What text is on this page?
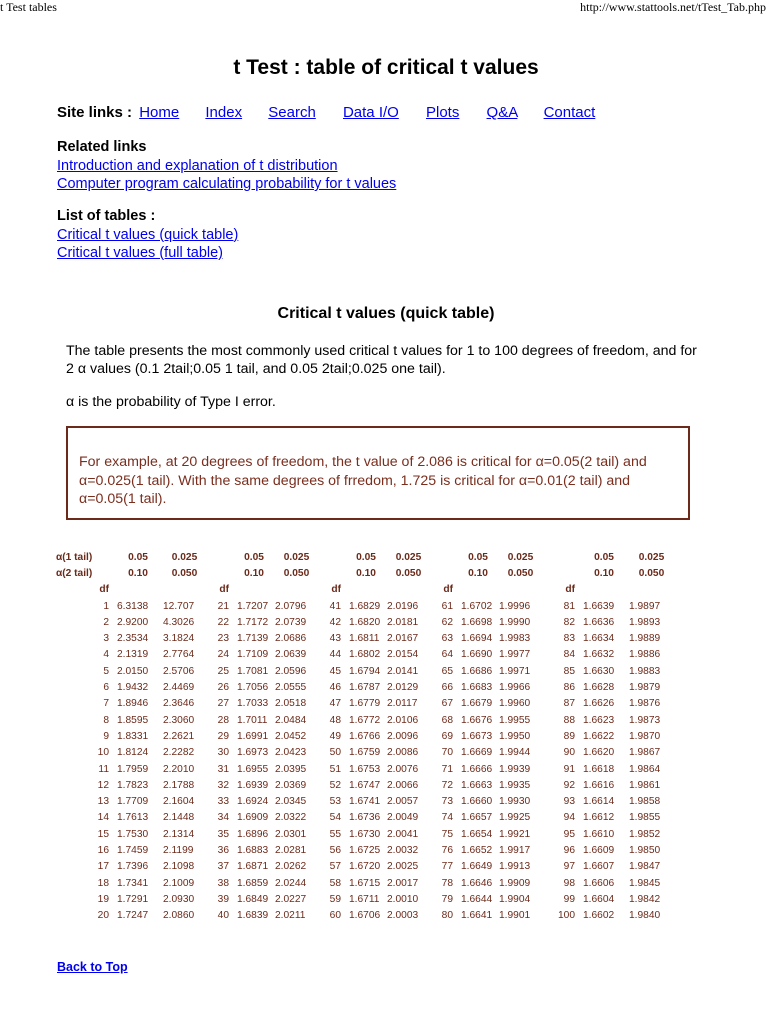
t Test tables	http://www.stattools.net/tTest_Tab.php
t Test : table of critical t values
Site links : Home Index Search Data I/O Plots Q&A Contact
Related links
Introduction and explanation of t distribution
Computer program calculating probability for t values
List of tables :
Critical t values (quick table)
Critical t values (full table)
Critical t values (quick table)
The table presents the most commonly used critical t values for 1 to 100 degrees of freedom, and for 2 α values (0.1 2tail;0.05 1 tail, and 0.05 2tail;0.025 one tail).
α is the probability of Type I error.
For example, at 20 degrees of freedom, the t value of 2.086 is critical for α=0.05(2 tail) and α=0.025(1 tail). With the same degrees of frredom, 1.725 is critical for α=0.01(2 tail) and α=0.05(1 tail).
α(1 tail)	0.05	0.025		0.05	0.025		0.05	0.025		0.05	0.025		0.05	0.025
α(2 tail)	0.10	0.050		0.10	0.050		0.10	0.050		0.10	0.050		0.10	0.050
df			df			df			df			df		
1	6.3138	12.707	21	1.7207	2.0796	41	1.6829	2.0196	61	1.6702	1.9996	81	1.6639	1.9897
2	2.9200	4.3026	22	1.7172	2.0739	42	1.6820	2.0181	62	1.6698	1.9990	82	1.6636	1.9893
3	2.3534	3.1824	23	1.7139	2.0686	43	1.6811	2.0167	63	1.6694	1.9983	83	1.6634	1.9889
4	2.1319	2.7764	24	1.7109	2.0639	44	1.6802	2.0154	64	1.6690	1.9977	84	1.6632	1.9886
5	2.0150	2.5706	25	1.7081	2.0596	45	1.6794	2.0141	65	1.6686	1.9971	85	1.6630	1.9883
6	1.9432	2.4469	26	1.7056	2.0555	46	1.6787	2.0129	66	1.6683	1.9966	86	1.6628	1.9879
7	1.8946	2.3646	27	1.7033	2.0518	47	1.6779	2.0117	67	1.6679	1.9960	87	1.6626	1.9876
8	1.8595	2.3060	28	1.7011	2.0484	48	1.6772	2.0106	68	1.6676	1.9955	88	1.6623	1.9873
9	1.8331	2.2621	29	1.6991	2.0452	49	1.6766	2.0096	69	1.6673	1.9950	89	1.6622	1.9870
10	1.8124	2.2282	30	1.6973	2.0423	50	1.6759	2.0086	70	1.6669	1.9944	90	1.6620	1.9867
11	1.7959	2.2010	31	1.6955	2.0395	51	1.6753	2.0076	71	1.6666	1.9939	91	1.6618	1.9864
12	1.7823	2.1788	32	1.6939	2.0369	52	1.6747	2.0066	72	1.6663	1.9935	92	1.6616	1.9861
13	1.7709	2.1604	33	1.6924	2.0345	53	1.6741	2.0057	73	1.6660	1.9930	93	1.6614	1.9858
14	1.7613	2.1448	34	1.6909	2.0322	54	1.6736	2.0049	74	1.6657	1.9925	94	1.6612	1.9855
15	1.7530	2.1314	35	1.6896	2.0301	55	1.6730	2.0041	75	1.6654	1.9921	95	1.6610	1.9852
16	1.7459	2.1199	36	1.6883	2.0281	56	1.6725	2.0032	76	1.6652	1.9917	96	1.6609	1.9850
17	1.7396	2.1098	37	1.6871	2.0262	57	1.6720	2.0025	77	1.6649	1.9913	97	1.6607	1.9847
18	1.7341	2.1009	38	1.6859	2.0244	58	1.6715	2.0017	78	1.6646	1.9909	98	1.6606	1.9845
19	1.7291	2.0930	39	1.6849	2.0227	59	1.6711	2.0010	79	1.6644	1.9904	99	1.6604	1.9842
20	1.7247	2.0860	40	1.6839	2.0211	60	1.6706	2.0003	80	1.6641	1.9901	100	1.6602	1.9840
Back to Top
